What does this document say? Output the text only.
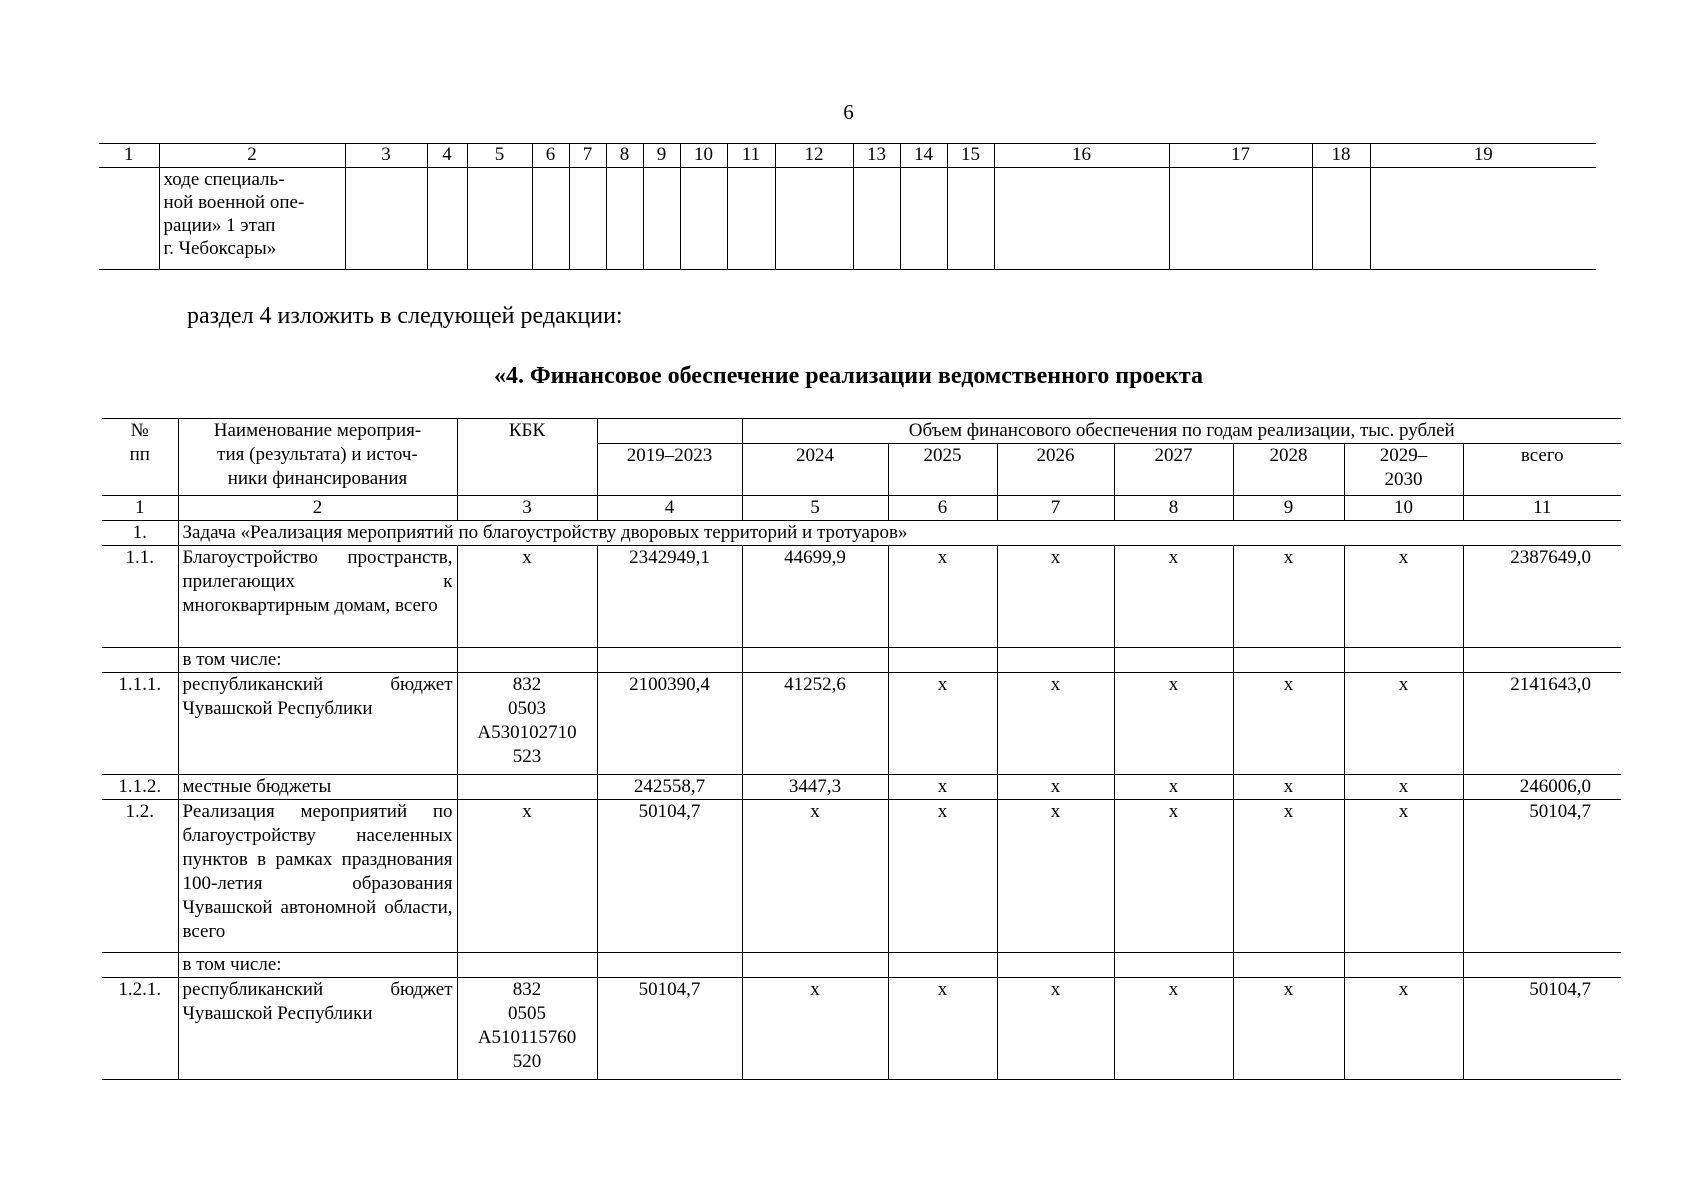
6
1	2	3	4	5	6	7	8	9	10	11	12	13	14	15	16	17	18	19
	ходе специаль-
ной военной опе-
рации» 1 этап
г. Чебоксары»																	
раздел 4 изложить в следующей редакции:
«4. Финансовое обеспечение реализации ведомственного проекта
№
пп	Наименование мероприя-
тия (результата) и источ-
ники финансирования	КБК		Объем финансового обеспечения по годам реализации, тыс. рублей						
			2019–2023	2024	2025	2026	2027	2028	2029–
2030	всего
1	2	3	4	5	6	7	8	9	10	11
1.	Задача «Реализация мероприятий по благоустройству дворовых территорий и тротуаров»									
1.1.	Благоустройство пространств, прилегающих к многоквартирным домам, всего	х	2342949,1	44699,9	х	х	х	х	х	2387649,0
	в том числе:									
1.1.1.	республиканский бюджет Чувашской Республики	832
0503
А530102710
523	2100390,4	41252,6	х	х	х	х	х	2141643,0
1.1.2.	местные бюджеты		242558,7	3447,3	х	х	х	х	х	246006,0
1.2.	Реализация мероприятий по благоустройству населенных пунктов в рамках празднования 100-летия образования Чувашской автономной области, всего	х	50104,7	х	х	х	х	х	х	50104,7
	в том числе:									
1.2.1.	республиканский бюджет Чувашской Республики	832
0505
А510115760
520	50104,7	х	х	х	х	х	х	50104,7
